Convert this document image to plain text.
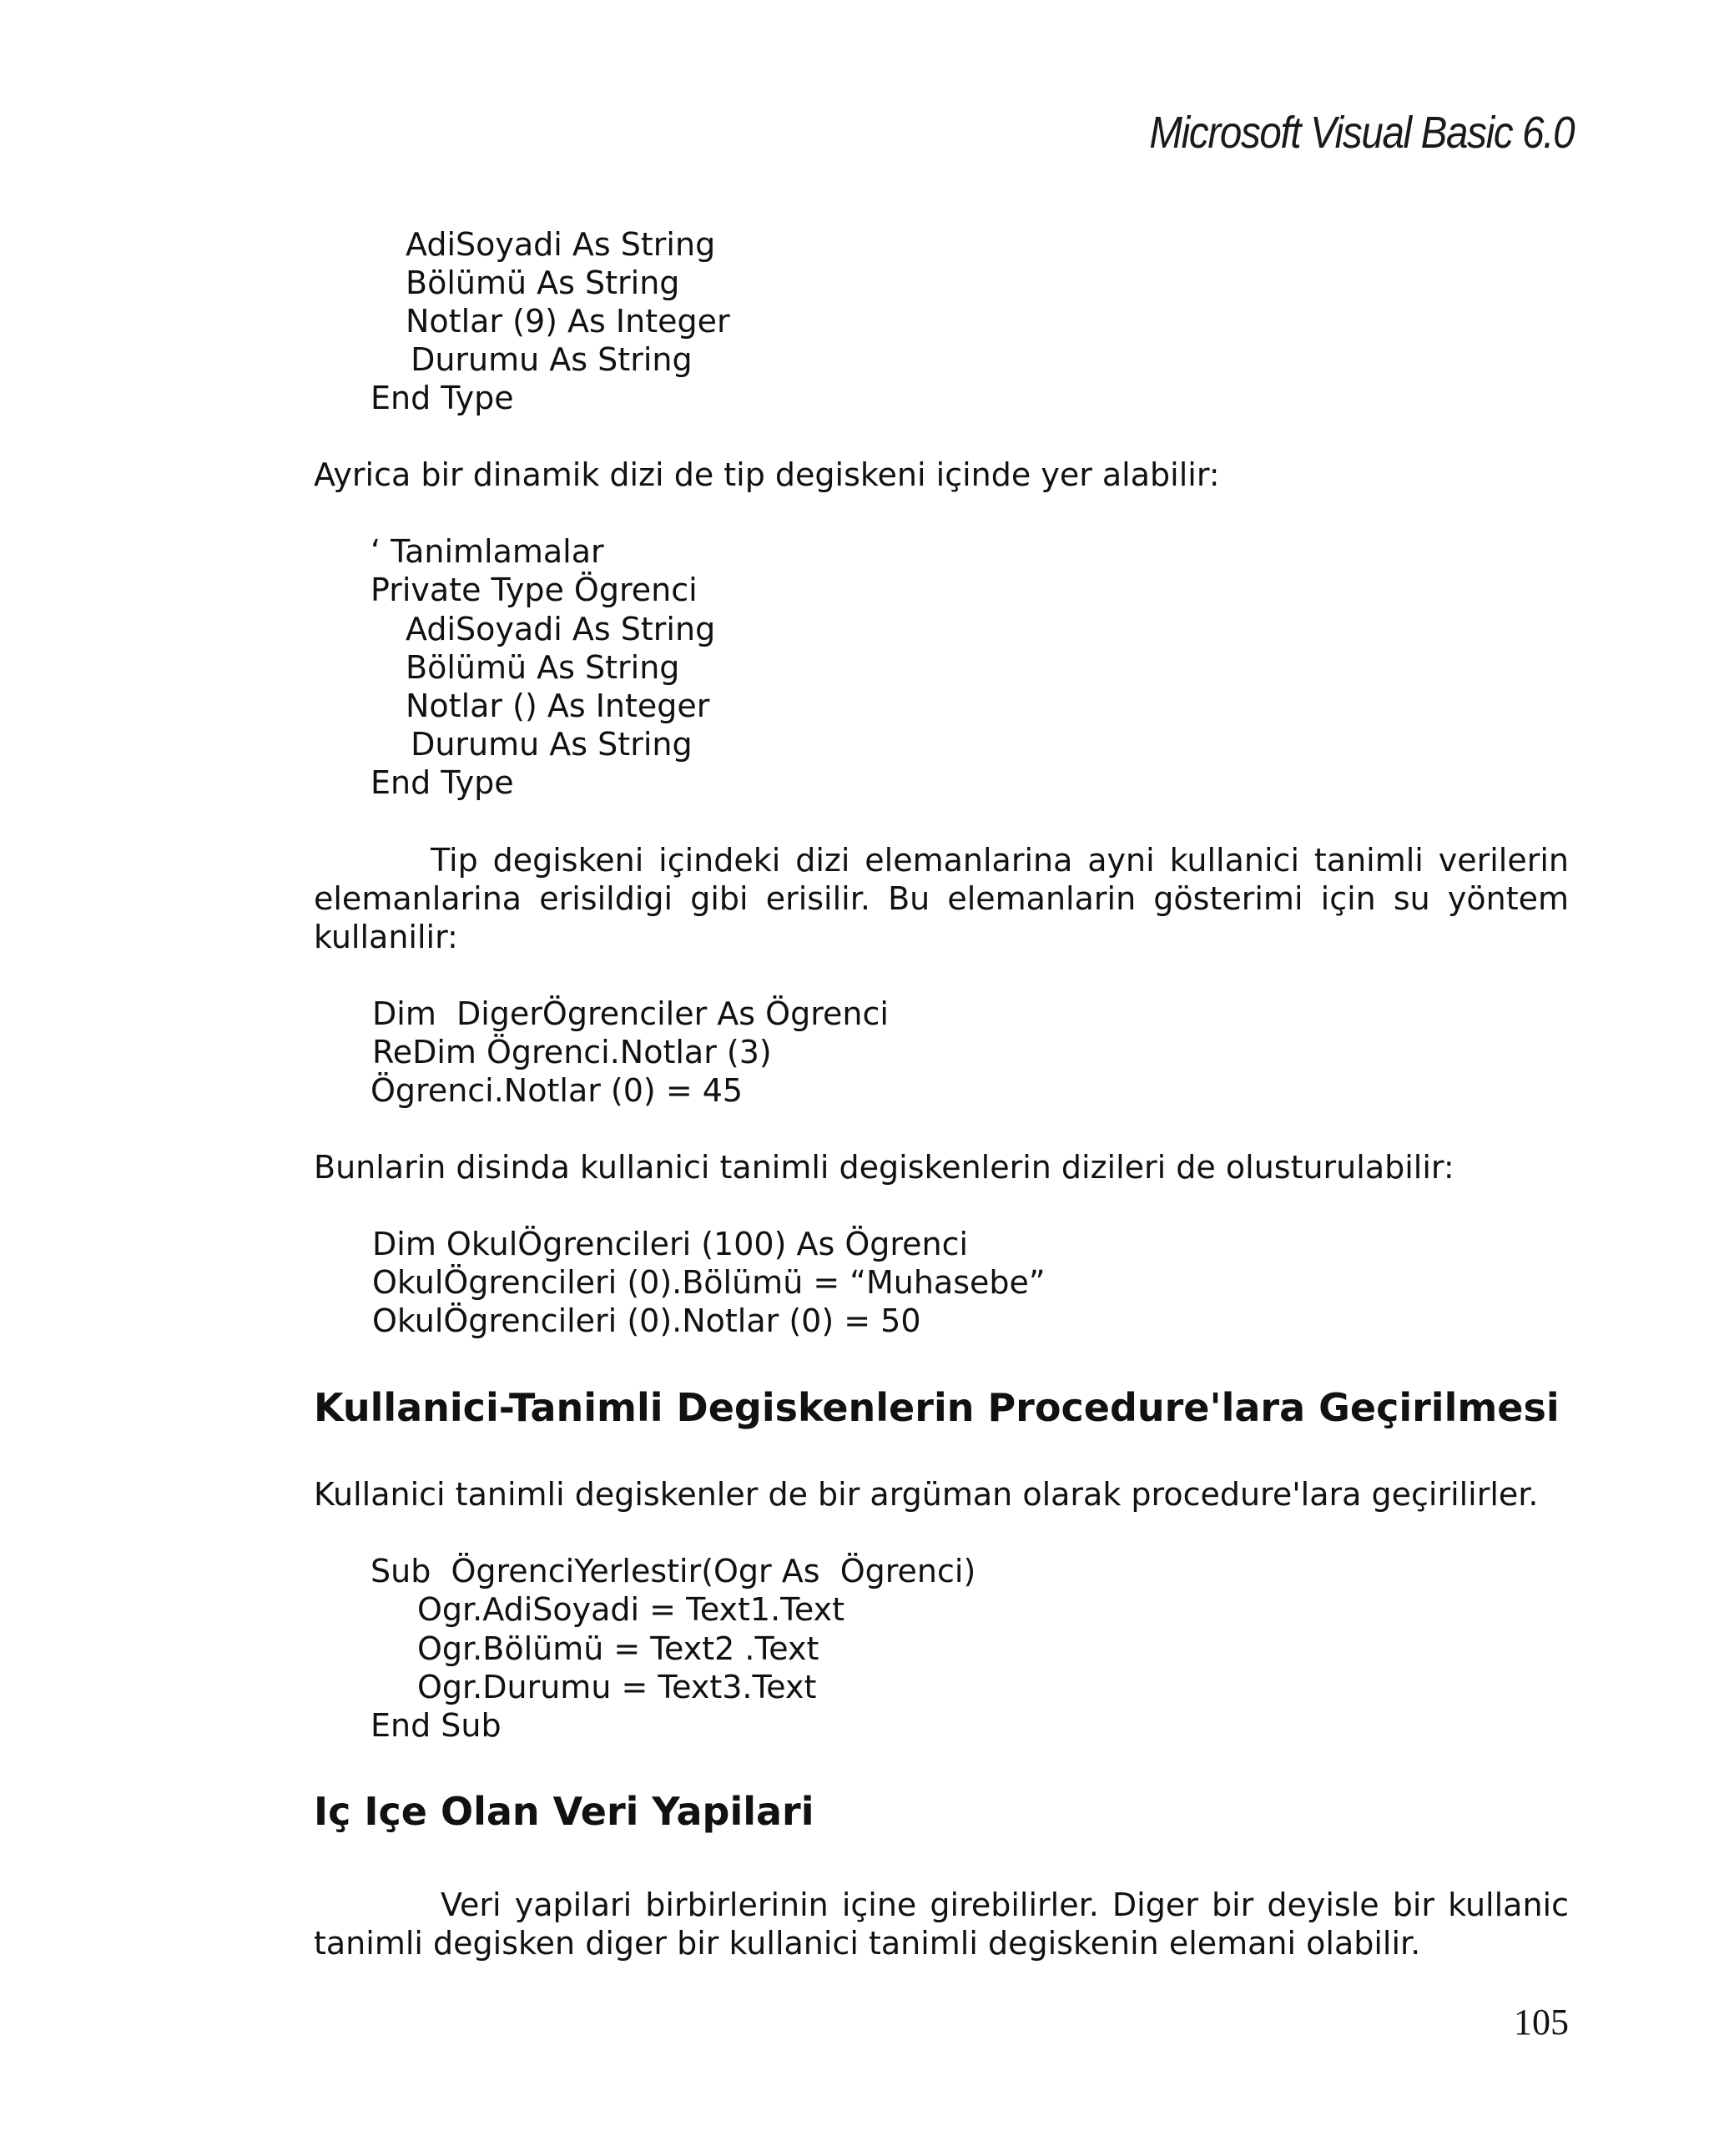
Microsoft Visual Basic 6.0
AdiSoyadi As String
Bölümü As String
Notlar (9) As Integer
Durumu As String
End Type
Ayrica bir dinamik dizi de tip degiskeni içinde yer alabilir:
‘ Tanimlamalar
Private Type Ögrenci
AdiSoyadi As String
Bölümü As String
Notlar () As Integer
Durumu As String
End Type
Tip degiskeni içindeki dizi elemanlarina ayni kullanici tanimli verilerin elemanlarina erisildigi gibi erisilir. Bu elemanlarin gösterimi için su yöntem kullanilir:
Dim  DigerÖgrenciler As Ögrenci
ReDim Ögrenci.Notlar (3)
Ögrenci.Notlar (0) = 45
Bunlarin disinda kullanici tanimli degiskenlerin dizileri de olusturulabilir:
Dim OkulÖgrencileri (100) As Ögrenci
OkulÖgrencileri (0).Bölümü = “Muhasebe”
OkulÖgrencileri (0).Notlar (0) = 50
Kullanici-Tanimli Degiskenlerin Procedure'lara Geçirilmesi
Kullanici tanimli degiskenler de bir argüman olarak procedure'lara geçirilirler.
Sub  ÖgrenciYerlestir(Ogr As  Ögrenci)
Ogr.AdiSoyadi = Text1.Text
Ogr.Bölümü = Text2 .Text
Ogr.Durumu = Text3.Text
End Sub
Iç Içe Olan Veri Yapilari
Veri yapilari birbirlerinin içine girebilirler. Diger bir deyisle bir kullanic tanimli degisken diger bir kullanici tanimli degiskenin elemani olabilir.
105
